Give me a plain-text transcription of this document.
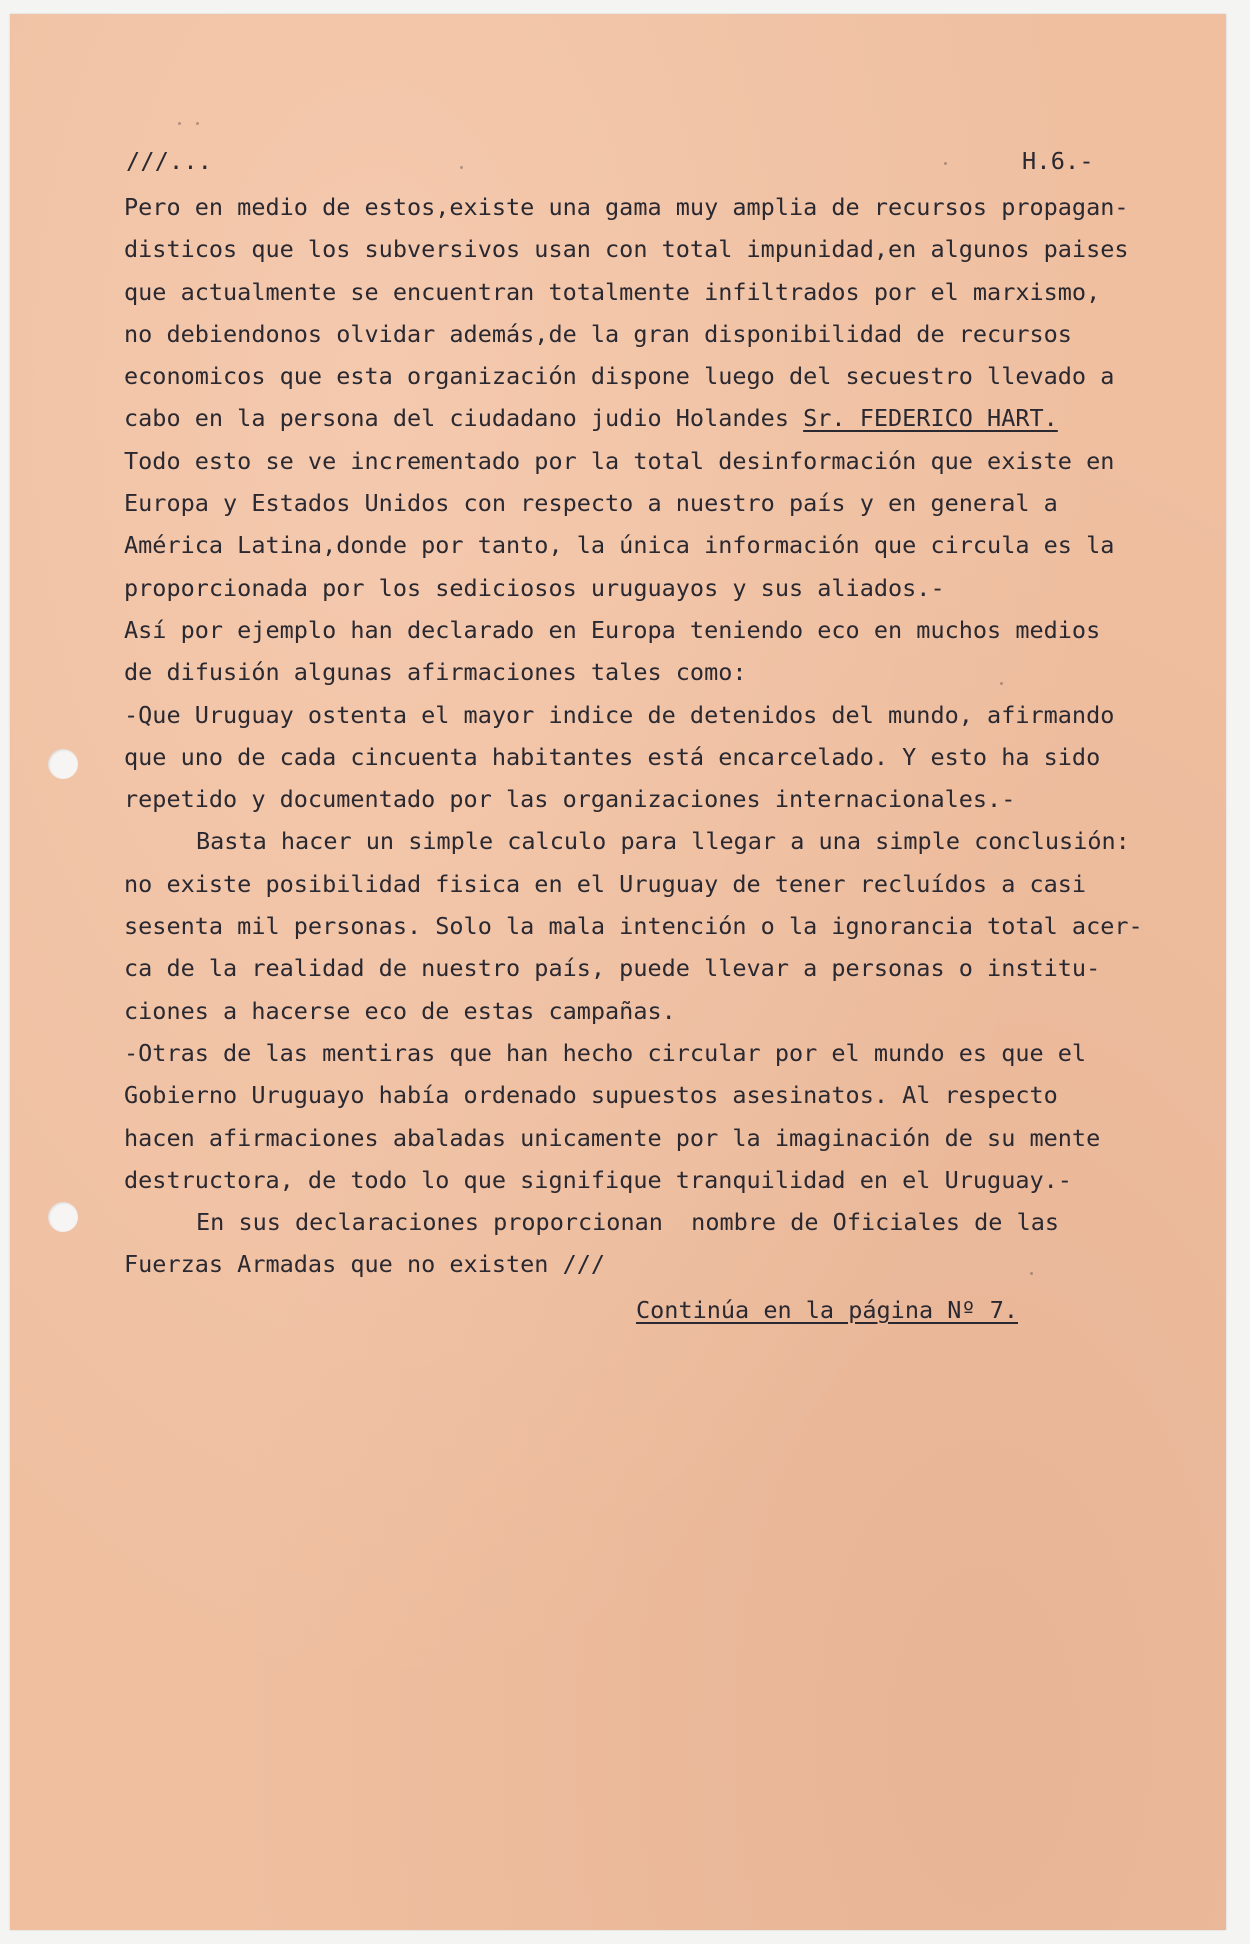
///...	H.6.-
Pero en medio de estos,existe una gama muy amplia de recursos propagan-
disticos que los subversivos usan con total impunidad,en algunos paises
que actualmente se encuentran totalmente infiltrados por el marxismo,
no debiendonos olvidar además,de la gran disponibilidad de recursos
economicos que esta organización dispone luego del secuestro llevado a
cabo en la persona del ciudadano judio Holandes Sr. FEDERICO HART.
Todo esto se ve incrementado por la total desinformación que existe en
Europa y Estados Unidos con respecto a nuestro país y en general a
América Latina,donde por tanto, la única información que circula es la
proporcionada por los sediciosos uruguayos y sus aliados.-
Así por ejemplo han declarado en Europa teniendo eco en muchos medios
de difusión algunas afirmaciones tales como:
-Que Uruguay ostenta el mayor indice de detenidos del mundo, afirmando
que uno de cada cincuenta habitantes está encarcelado. Y esto ha sido
repetido y documentado por las organizaciones internacionales.-
Basta hacer un simple calculo para llegar a una simple conclusión:
no existe posibilidad fisica en el Uruguay de tener recluídos a casi
sesenta mil personas. Solo la mala intención o la ignorancia total acer-
ca de la realidad de nuestro país, puede llevar a personas o institu-
ciones a hacerse eco de estas campañas.
-Otras de las mentiras que han hecho circular por el mundo es que el
Gobierno Uruguayo había ordenado supuestos asesinatos. Al respecto
hacen afirmaciones abaladas unicamente por la imaginación de su mente
destructora, de todo lo que signifique tranquilidad en el Uruguay.-
En sus declaraciones proporcionan  nombre de Oficiales de las
Fuerzas Armadas que no existen ///
Continúa en la página Nº 7.
